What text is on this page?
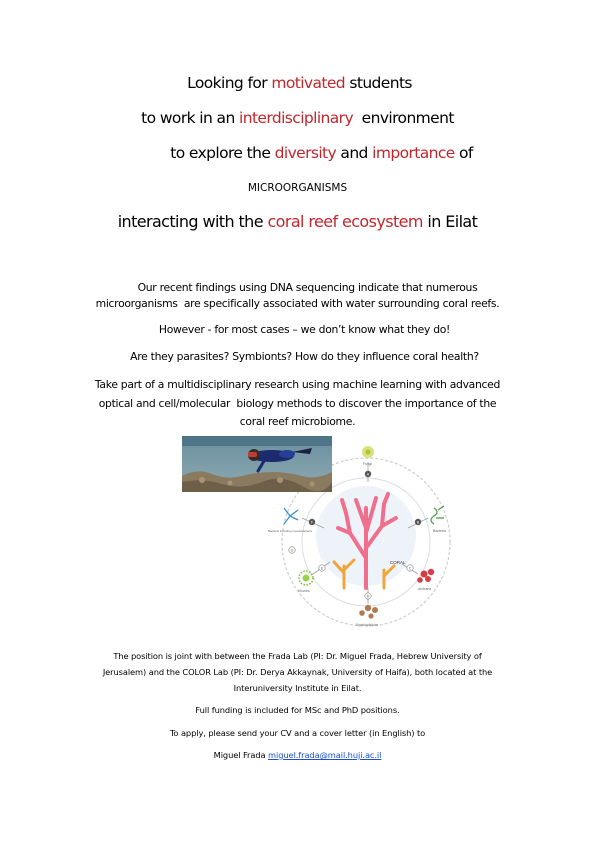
Looking for motivated students
to work in an interdisciplinary  environment
to explore the diversity and importance of
MICROORGANISMS
interacting with the coral reef ecosystem in Eilat
Our recent findings using DNA sequencing indicate that numerous
microorganisms  are specifically associated with water surrounding coral reefs.
However - for most cases – we don’t know what they do!
Are they parasites? Symbionts? How do they influence coral health?
Take part of a multidisciplinary research using machine learning with advanced
optical and cell/molecular  biology methods to discover the importance of the
coral reef microbiome.
CORAL
Fungi
Bacteria
Archaea
Symbiodinium
Viruses
Bacteria including Cyanobacteria
A
B
C
D
E
F
G
The position is joint with between the Frada Lab (PI: Dr. Miguel Frada, Hebrew University of
Jerusalem) and the COLOR Lab (PI: Dr. Derya Akkaynak, University of Haifa), both located at the
Interuniversity Institute in Eilat.
Full funding is included for MSc and PhD positions.
To apply, please send your CV and a cover letter (in English) to
Miguel Frada miguel.frada@mail.huji.ac.il
